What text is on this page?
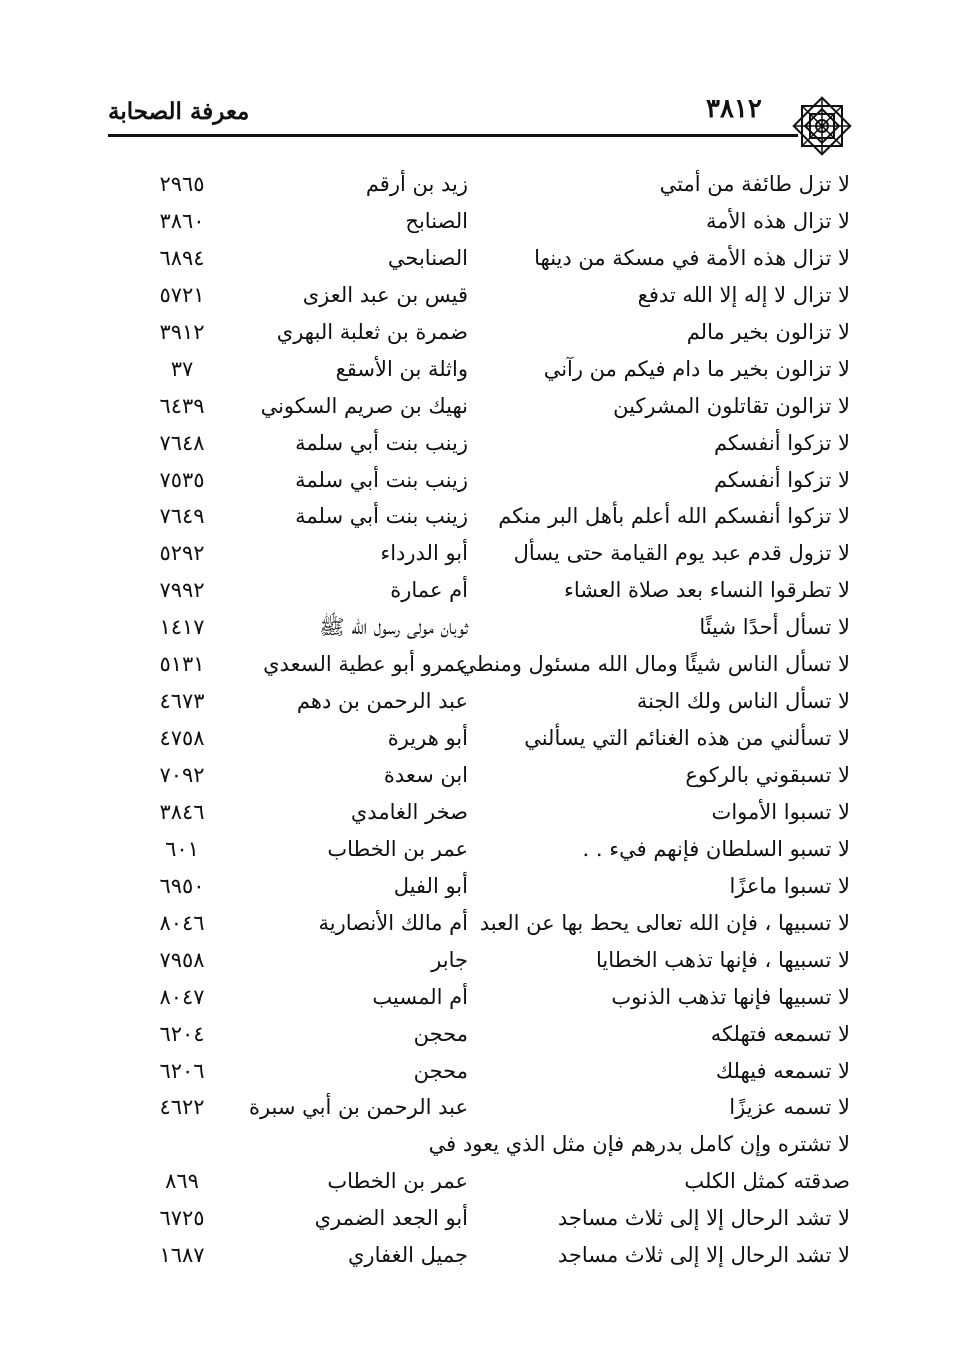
معرفة الصحابة	٣٨١٢
لا تزل طائفة من أمتي
زيد بن أرقم
٢٩٦٥
لا تزال هذه الأمة
الصنابح
٣٨٦٠
لا تزال هذه الأمة في مسكة من دينها
الصنابحي
٦٨٩٤
لا تزال لا إله إلا الله تدفع
قيس بن عبد العزى
٥٧٢١
لا تزالون بخير مالم
ضمرة بن ثعلبة البهري
٣٩١٢
لا تزالون بخير ما دام فيكم من رآني
واثلة بن الأسقع
٣٧
لا تزالون تقاتلون المشركين
نهيك بن صريم السكوني
٦٤٣٩
لا تزكوا أنفسكم
زينب بنت أبي سلمة
٧٦٤٨
لا تزكوا أنفسكم
زينب بنت أبي سلمة
٧٥٣٥
لا تزكوا أنفسكم الله أعلم بأهل البر منكم
زينب بنت أبي سلمة
٧٦٤٩
لا تزول قدم عبد يوم القيامة حتى يسأل
أبو الدرداء
٥٢٩٢
لا تطرقوا النساء بعد صلاة العشاء
أم عمارة
٧٩٩٢
لا تسأل أحدًا شيئًا
ثوبان مولى رسول الله ﷺ
١٤١٧
لا تسأل الناس شيئًا ومال الله مسئول ومنطي
عمرو أبو عطية السعدي
٥١٣١
لا تسأل الناس ولك الجنة
عبد الرحمن بن دهم
٤٦٧٣
لا تسألني من هذه الغنائم التي يسألني
أبو هريرة
٤٧٥٨
لا تسبقوني بالركوع
ابن سعدة
٧٠٩٢
لا تسبوا الأموات
صخر الغامدي
٣٨٤٦
لا تسبو السلطان فإنهم فيء . .
عمر بن الخطاب
٦٠١
لا تسبوا ماعزًا
أبو الفيل
٦٩٥٠
لا تسبيها ، فإن الله تعالى يحط بها عن العبد
أم مالك الأنصارية
٨٠٤٦
لا تسبيها ، فإنها تذهب الخطايا
جابر
٧٩٥٨
لا تسبيها فإنها تذهب الذنوب
أم المسيب
٨٠٤٧
لا تسمعه فتهلكه
محجن
٦٢٠٤
لا تسمعه فيهلك
محجن
٦٢٠٦
لا تسمه عزيزًا
عبد الرحمن بن أبي سبرة
٤٦٢٢
لا تشتره وإن كامل بدرهم فإن مثل الذي يعود في
صدقته كمثل الكلب
عمر بن الخطاب
٨٦٩
لا تشد الرحال إلا إلى ثلاث مساجد
أبو الجعد الضمري
٦٧٢٥
لا تشد الرحال إلا إلى ثلاث مساجد
جميل الغفاري
١٦٨٧
